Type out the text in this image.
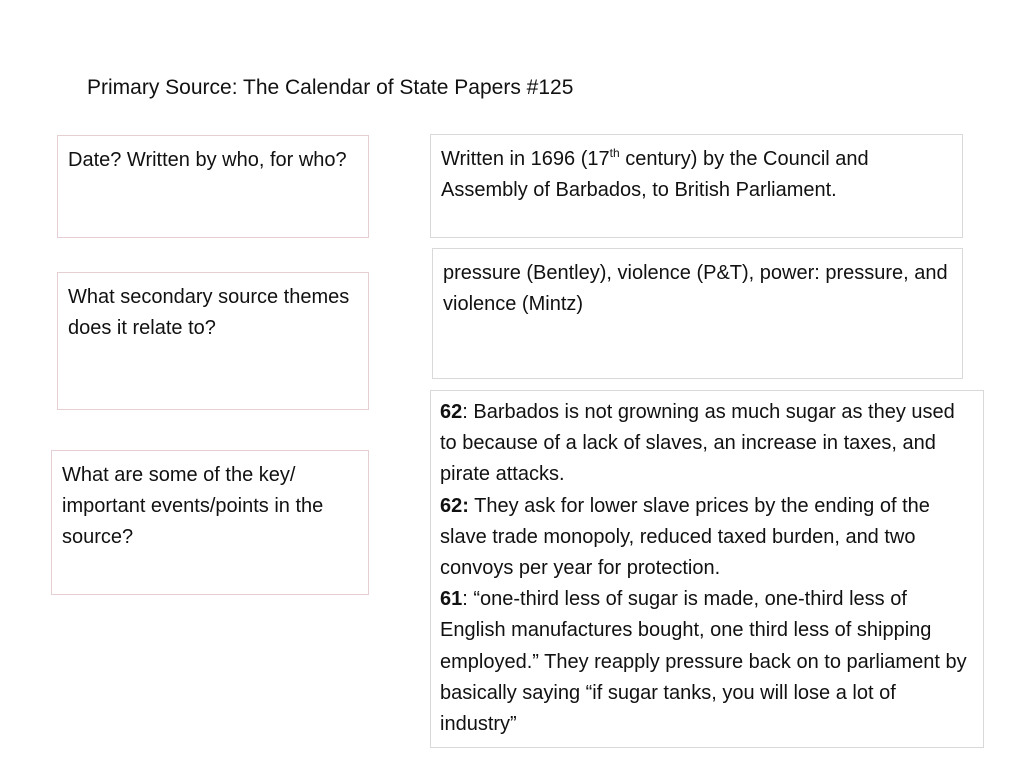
Primary Source: The Calendar of State Papers #125
Date? Written by who, for who?
What secondary source themes does it relate to?
What are some of the key/ important events/points in the source?
Written in 1696 (17th century) by the Council and Assembly of Barbados, to British Parliament.
pressure (Bentley), violence (P&T), power: pressure, and violence (Mintz)
62: Barbados is not growning as much sugar as they used to because of a lack of slaves, an increase in taxes, and pirate attacks.
62: They ask for lower slave prices by the ending of the slave trade monopoly, reduced taxed burden, and two convoys per year for protection.
61: “one-third less of sugar is made, one-third less of English manufactures bought, one third less of shipping employed.” They reapply pressure back on to parliament by basically saying “if sugar tanks, you will lose a lot of industry”
